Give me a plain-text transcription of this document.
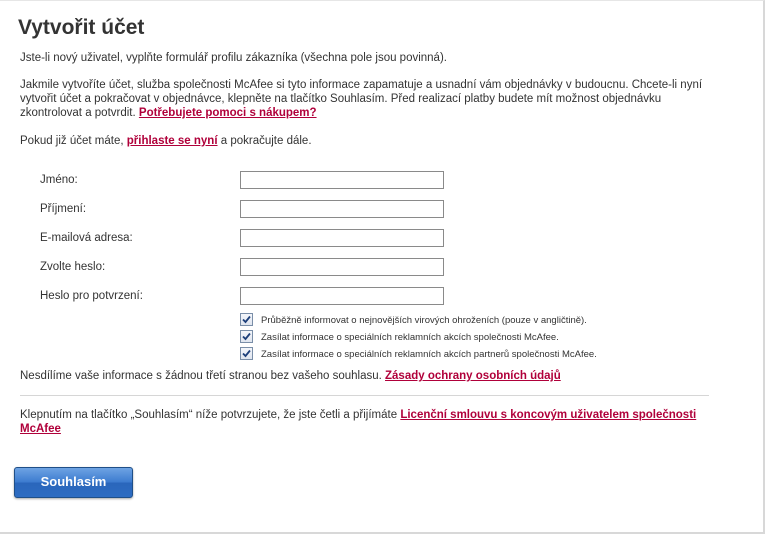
Vytvořit účet

Jste-li nový uživatel, vyplňte formulář profilu zákazníka (všechna pole jsou povinná).

Jakmile vytvoříte účet, služba společnosti McAfee si tyto informace zapamatuje a usnadní vám objednávky v budoucnu. Chcete-li nyní vytvořit účet a pokračovat v objednávce, klepněte na tlačítko Souhlasím. Před realizací platby budete mít možnost objednávku zkontrolovat a potvrdit. Potřebujete pomoci s nákupem?

Pokud již účet máte, přihlaste se nyní a pokračujte dále.

Jméno:
Příjmení:
E-mailová adresa:
Zvolte heslo:
Heslo pro potvrzení:
Průběžně informovat o nejnovějších virových ohroženích (pouze v angličtině).
Zasílat informace o speciálních reklamních akcích společnosti McAfee.
Zasílat informace o speciálních reklamních akcích partnerů společnosti McAfee.

Nesdílíme vaše informace s žádnou třetí stranou bez vašeho souhlasu. Zásady ochrany osobních údajů

Klepnutím na tlačítko „Souhlasím“ níže potvrzujete, že jste četli a přijímáte Licenční smlouvu s koncovým uživatelem společnosti McAfee

Souhlasím
